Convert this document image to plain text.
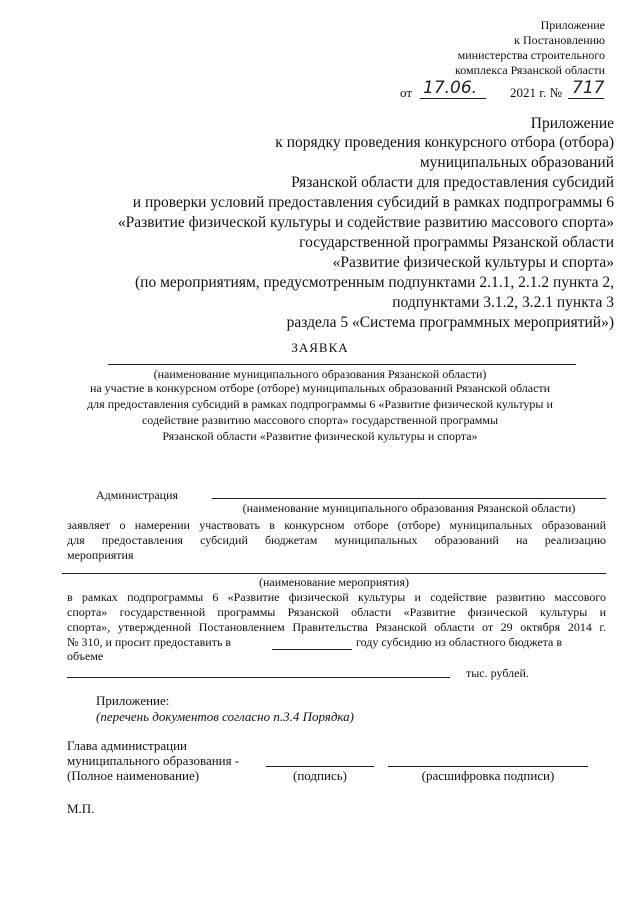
Приложение
к Постановлению
министерства строительного
комплекса Рязанской области
от 17.06.	2021 г. № 717
Приложение
к порядку проведения конкурсного отбора (отбора)
муниципальных образований
Рязанской области для предоставления субсидий
и проверки условий предоставления субсидий в рамках подпрограммы 6
«Развитие физической культуры и содействие развитию массового спорта»
государственной программы Рязанской области
«Развитие физической культуры и спорта»
(по мероприятиям, предусмотренным подпунктами 2.1.1, 2.1.2 пункта 2,
подпунктами 3.1.2, 3.2.1 пункта 3
раздела 5 «Система программных мероприятий»)
ЗАЯВКА
(наименование муниципального образования Рязанской области)
на участие в конкурсном отборе (отборе) муниципальных образований Рязанской области
для предоставления субсидий в рамках подпрограммы 6 «Развитие физической культуры и
содействие развитию массового спорта» государственной программы
Рязанской области «Развитие физической культуры и спорта»
Администрация
(наименование муниципального образования Рязанской области)
заявляет о намерении участвовать в конкурсном отборе (отборе) муниципальных образований
для предоставления субсидий бюджетам муниципальных образований на реализацию
мероприятия
(наименование мероприятия)
в рамках подпрограммы 6 «Развитие физической культуры и содействие развитию массового
спорта» государственной программы Рязанской области «Развитие физической культуры и
спорта», утвержденной Постановлением Правительства Рязанской области от 29 октября 2014 г.
№ 310, и просит предоставить в	году субсидию из областного бюджета в
объеме
тыс. рублей.
Приложение:
(перечень документов согласно п.3.4 Порядка)
Глава администрации
муниципального образования -
(Полное наименование)	(подпись)	(расшифровка подписи)
М.П.
